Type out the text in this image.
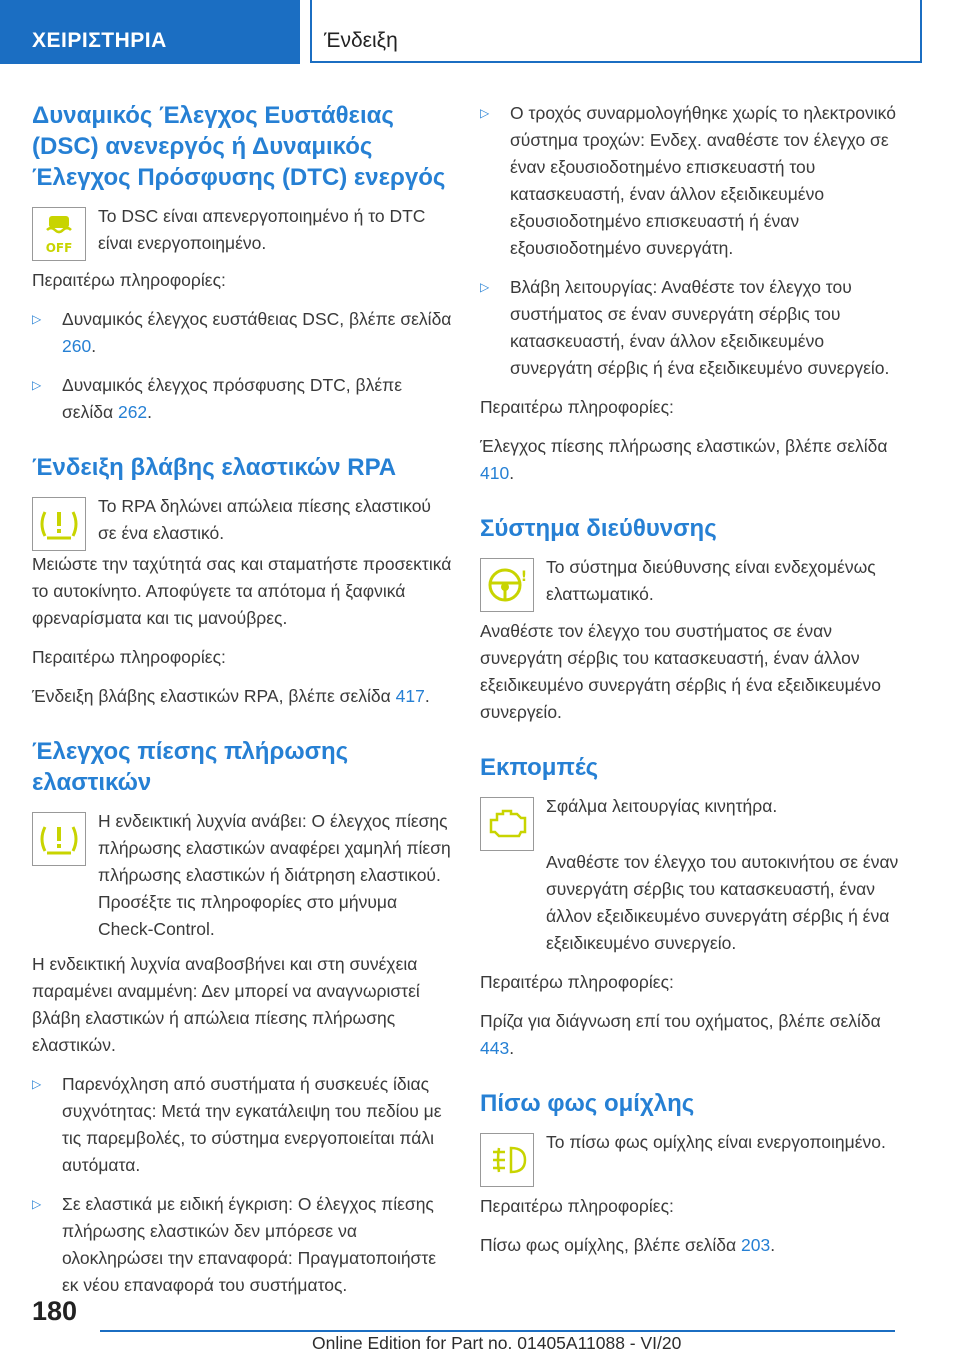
ΧΕΙΡΙΣΤΗΡΙΑ	Ένδειξη
Δυναμικός Έλεγχος Ευστάθειας (DSC) ανενεργός ή Δυναμικός Έλεγχος Πρόσφυσης (DTC) ενεργός
OFF

Το DSC είναι απενεργοποιημένο ή το DTC είναι ενεργοποιημένο.

Περαιτέρω πληροφορίες:

▷ Δυναμικός έλεγχος ευστάθειας DSC, βλέπε σελίδα 260.
▷ Δυναμικός έλεγχος πρόσφυσης DTC, βλέπε σελίδα 262.
Ένδειξη βλάβης ελαστικών RPA

Το RPA δηλώνει απώλεια πίεσης ελαστικού σε ένα ελαστικό.

Μειώστε την ταχύτητά σας και σταματήστε προσεκτικά το αυτοκίνητο. Αποφύγετε τα απότομα ή ξαφνικά φρεναρίσματα και τις μανούβρες.

Περαιτέρω πληροφορίες:

Ένδειξη βλάβης ελαστικών RPA, βλέπε σελίδα 417.

Έλεγχος πίεσης πλήρωσης ελαστικών

Η ενδεικτική λυχνία ανάβει: Ο έλεγχος πίεσης πλήρωσης ελαστικών αναφέρει χαμηλή πίεση πλήρωσης ελαστικών ή διάτρηση ελαστικού. Προσέξτε τις πληροφορίες στο μήνυμα Check-Control.

Η ενδεικτική λυχνία αναβοσβήνει και στη συνέχεια παραμένει αναμμένη: Δεν μπορεί να αναγνωριστεί βλάβη ελαστικών ή απώλεια πίεσης πλήρωσης ελαστικών.

▷ Παρενόχληση από συστήματα ή συσκευές ίδιας συχνότητας: Μετά την εγκατάλειψη του πεδίου με τις παρεμβολές, το σύστημα ενεργοποιείται πάλι αυτόματα.
▷ Σε ελαστικά με ειδική έγκριση: Ο έλεγχος πίεσης πλήρωσης ελαστικών δεν μπόρεσε να ολοκληρώσει την επαναφορά: Πραγματοποιήστε εκ νέου επαναφορά του συστήματος.
▷ Ο τροχός συναρμολογήθηκε χωρίς το ηλεκτρονικό σύστημα τροχών: Ενδεχ. αναθέστε τον έλεγχο σε έναν εξουσιοδοτημένο επισκευαστή του κατασκευαστή, έναν άλλον εξειδικευμένο εξουσιοδοτημένο επισκευαστή ή έναν εξουσιοδοτημένο συνεργάτη.
▷ Βλάβη λειτουργίας: Αναθέστε τον έλεγχο του συστήματος σε έναν συνεργάτη σέρβις του κατασκευαστή, έναν άλλον εξειδικευμένο συνεργάτη σέρβις ή ένα εξειδικευμένο συνεργείο.

Περαιτέρω πληροφορίες:

Έλεγχος πίεσης πλήρωσης ελαστικών, βλέπε σελίδα 410.

Σύστημα διεύθυνσης
! Το σύστημα διεύθυνσης είναι ενδεχομένως ελαττωματικό.

Αναθέστε τον έλεγχο του συστήματος σε έναν συνεργάτη σέρβις του κατασκευαστή, έναν άλλον εξειδικευμένο συνεργάτη σέρβις ή ένα εξειδικευμένο συνεργείο.

Εκπομπές

Σφάλμα λειτουργίας κινητήρα.

Αναθέστε τον έλεγχο του αυτοκινήτου σε έναν συνεργάτη σέρβις του κατασκευαστή, έναν άλλον εξειδικευμένο συνεργάτη σέρβις ή ένα εξειδικευμένο συνεργείο.

Περαιτέρω πληροφορίες:

Πρίζα για διάγνωση επί του οχήματος, βλέπε σελίδα 443.

Πίσω φως ομίχλης

Το πίσω φως ομίχλης είναι ενεργοποιημένο.

Περαιτέρω πληροφορίες:

Πίσω φως ομίχλης, βλέπε σελίδα 203.

180
Online Edition for Part no. 01405A11088 - VI/20
